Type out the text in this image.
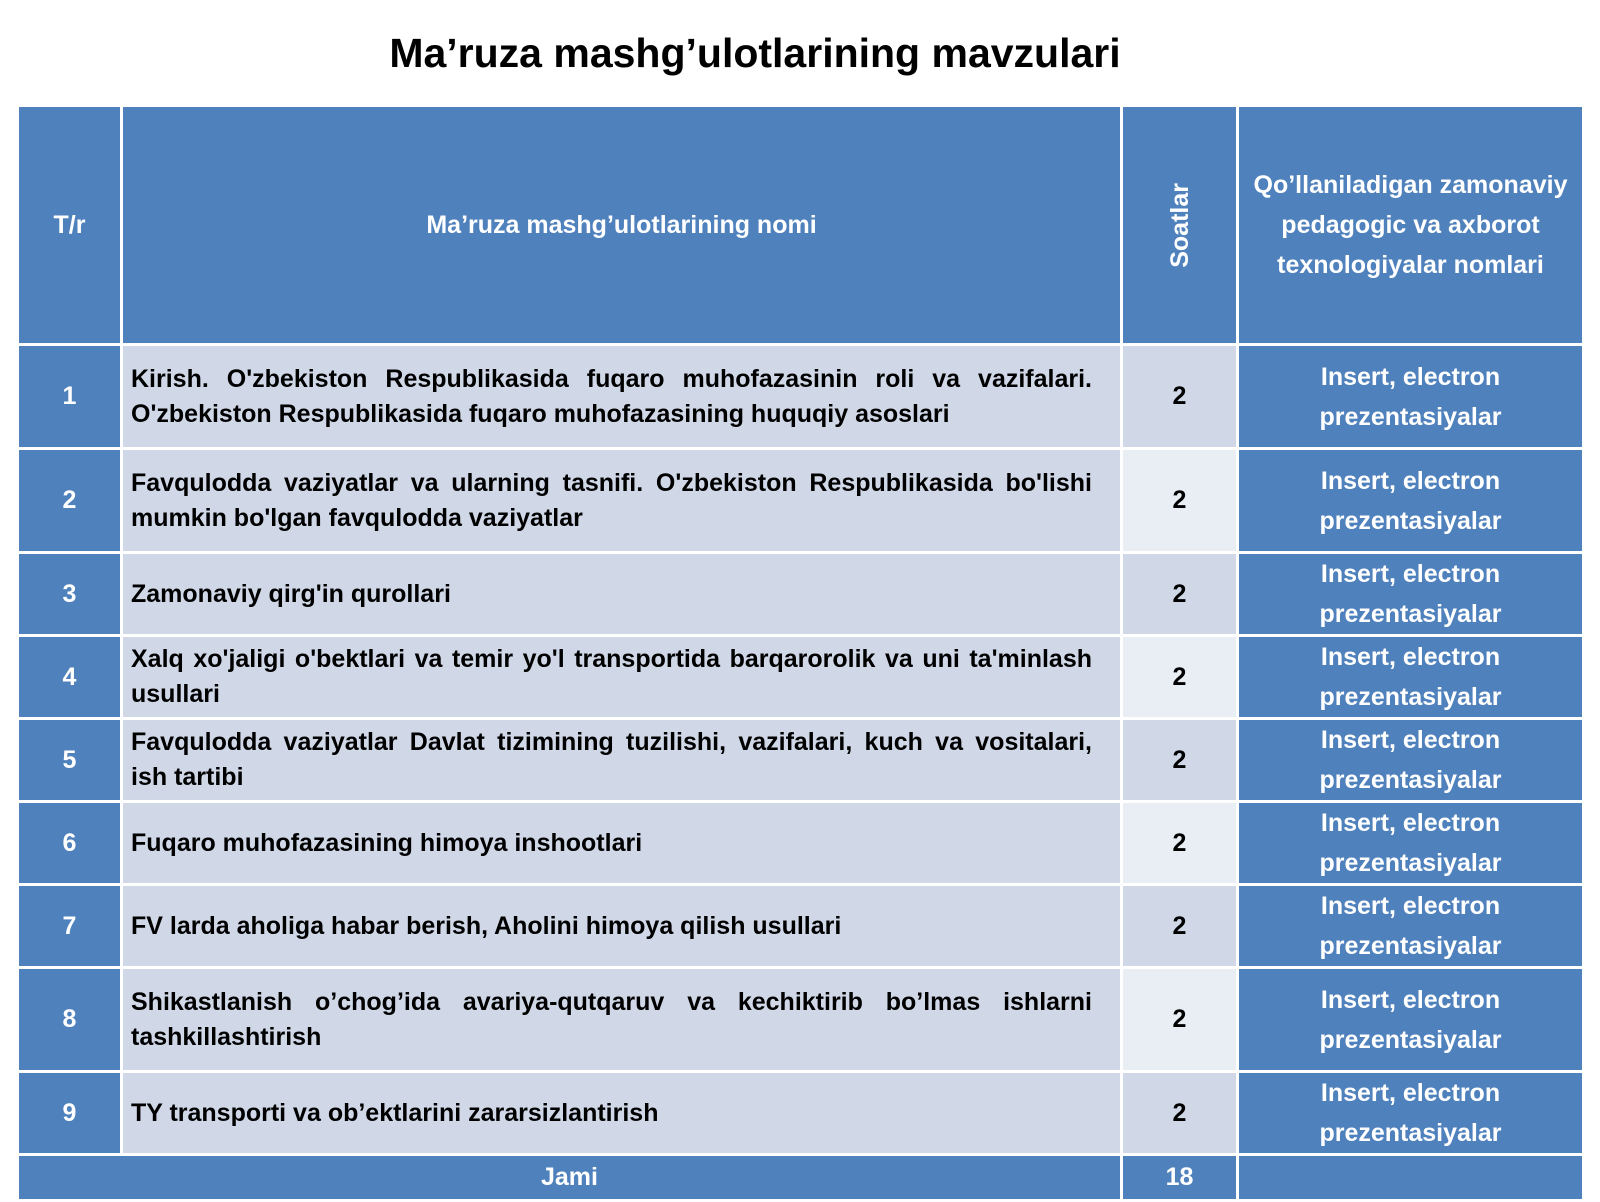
Ma’ruza mashg’ulotlarining mavzulari
T/r	Ma’ruza mashg’ulotlarining nomi	Soatlar	Qo’llaniladigan zamonaviy pedagogic va axborot texnologiyalar nomlari
1	Kirish. O'zbekiston Respublikasida fuqaro muhofazasinin roli va vazifalari. O'zbekiston Respublikasida fuqaro muhofazasining huquqiy asoslari	2	Insert, electron prezentasiyalar
2	Favqulodda vaziyatlar va ularning tasnifi. O'zbekiston Respublikasida bo'lishi mumkin bo'lgan favqulodda vaziyatlar	2	Insert, electron prezentasiyalar
3	Zamonaviy qirg'in qurollari	2	Insert, electron prezentasiyalar
4	Xalq xo'jaligi o'bektlari va temir yo'l transportida barqarorolik va uni ta'minlash usullari	2	Insert, electron prezentasiyalar
5	Favqulodda vaziyatlar Davlat tizimining tuzilishi, vazifalari, kuch va vositalari, ish tartibi	2	Insert, electron prezentasiyalar
6	Fuqaro muhofazasining himoya inshootlari	2	Insert, electron prezentasiyalar
7	FV larda aholiga habar berish, Aholini himoya qilish usullari	2	Insert, electron prezentasiyalar
8	Shikastlanish o’chog’ida avariya-qutqaruv va kechiktirib bo’lmas ishlarni tashkillashtirish	2	Insert, electron prezentasiyalar
9	TY transporti va ob’ektlarini zararsizlantirish	2	Insert, electron prezentasiyalar
Jami		18	
